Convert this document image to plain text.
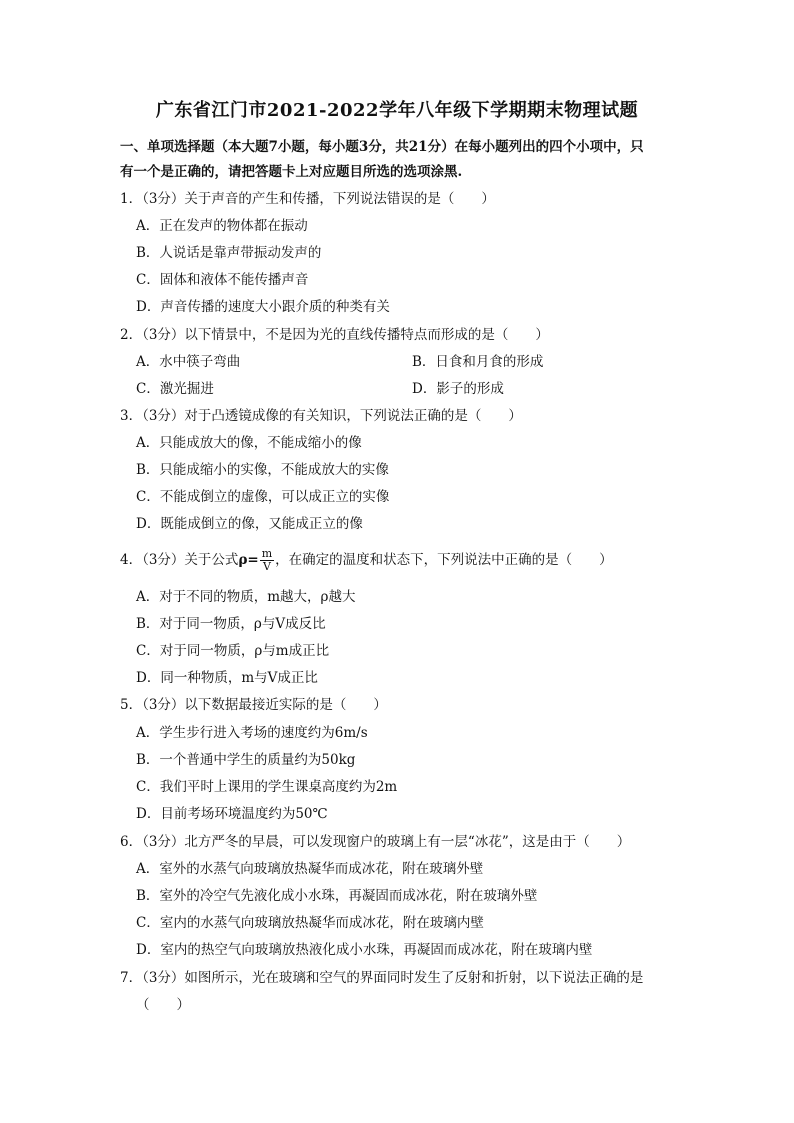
广东省江门市2021-2022学年八年级下学期期末物理试题

一、单项选择题（本大题7小题，每小题3分，共21分）在每小题列出的四个小项中，只

有一个是正确的，请把答题卡上对应题目所选的选项涂黑.

1．（3分）关于声音的产生和传播，下列说法错误的是（　　）
A．正在发声的物体都在振动
B．人说话是靠声带振动发声的
C．固体和液体不能传播声音
D．声音传播的速度大小跟介质的种类有关
2．（3分）以下情景中，不是因为光的直线传播特点而形成的是（　　）
A．水中筷子弯曲	B．日食和月食的形成
C．激光掘进	D．影子的形成
3．（3分）对于凸透镜成像的有关知识，下列说法正确的是（　　）
A．只能成放大的像，不能成缩小的像
B．只能成缩小的实像，不能成放大的实像
C．不能成倒立的虚像，可以成正立的实像
D．既能成倒立的像，又能成正立的像
4．（3分）关于公式$\rho= \frac{m}{V}$ ，在确定的温度和状态下，下列说法中正确的是（　　）
A．对于不同的物质，m越大，ρ越大
B．对于同一物质，ρ与V成反比
C．对于同一物质，ρ与m成正比
D．同一种物质，m与V成正比
5．（3分）以下数据最接近实际的是（　　）
A．学生步行进入考场的速度约为6m/s
B．一个普通中学生的质量约为50kg
C．我们平时上课用的学生课桌高度约为2m
D．目前考场环境温度约为50℃
6．（3分）北方严冬的早晨，可以发现窗户的玻璃上有一层“冰花”，这是由于（　　）
A．室外的水蒸气向玻璃放热凝华而成冰花，附在玻璃外壁
B．室外的冷空气先液化成小水珠，再凝固而成冰花，附在玻璃外壁
C．室内的水蒸气向玻璃放热凝华而成冰花，附在玻璃内壁
D．室内的热空气向玻璃放热液化成小水珠，再凝固而成冰花，附在玻璃内壁
7．（3分）如图所示，光在玻璃和空气的界面同时发生了反射和折射，以下说法正确的是
（　　）
